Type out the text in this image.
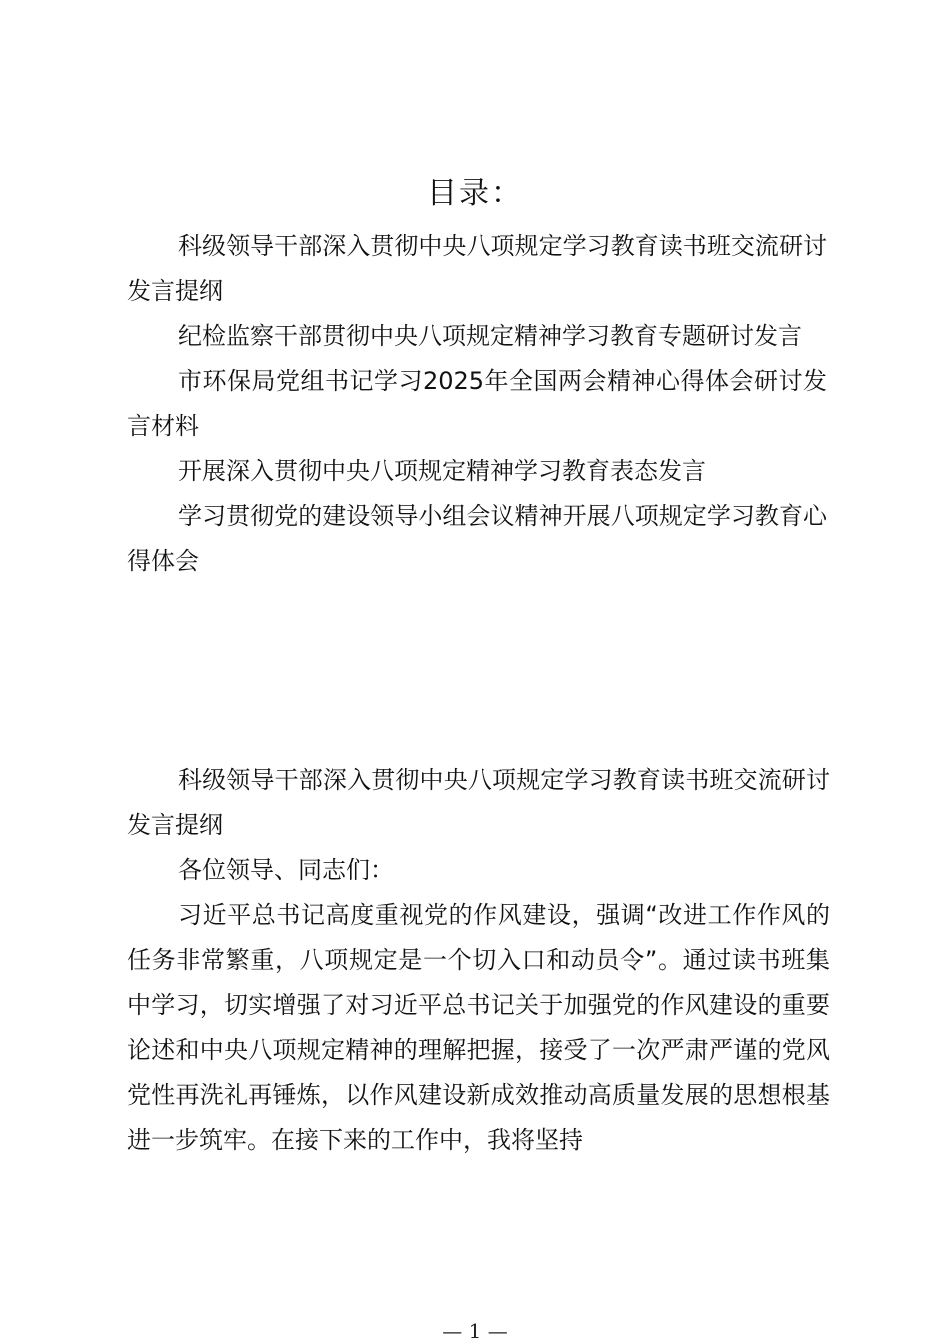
目录：
科级领导干部深入贯彻中央八项规定学习教育读书班交流研讨发言提纲
纪检监察干部贯彻中央八项规定精神学习教育专题研讨发言
市环保局党组书记学习2025年全国两会精神心得体会研讨发言材料
开展深入贯彻中央八项规定精神学习教育表态发言
学习贯彻党的建设领导小组会议精神开展八项规定学习教育心得体会

科级领导干部深入贯彻中央八项规定学习教育读书班交流研讨发言提纲

各位领导、同志们：

习近平总书记高度重视党的作风建设，强调“改进工作作风的任务非常繁重，八项规定是一个切入口和动员令”。通过读书班集中学习，切实增强了对习近平总书记关于加强党的作风建设的重要论述和中央八项规定精神的理解把握，接受了一次严肃严谨的党风党性再洗礼再锤炼，以作风建设新成效推动高质量发展的思想根基进一步筑牢。在接下来的工作中，我将坚持

— 1 —
